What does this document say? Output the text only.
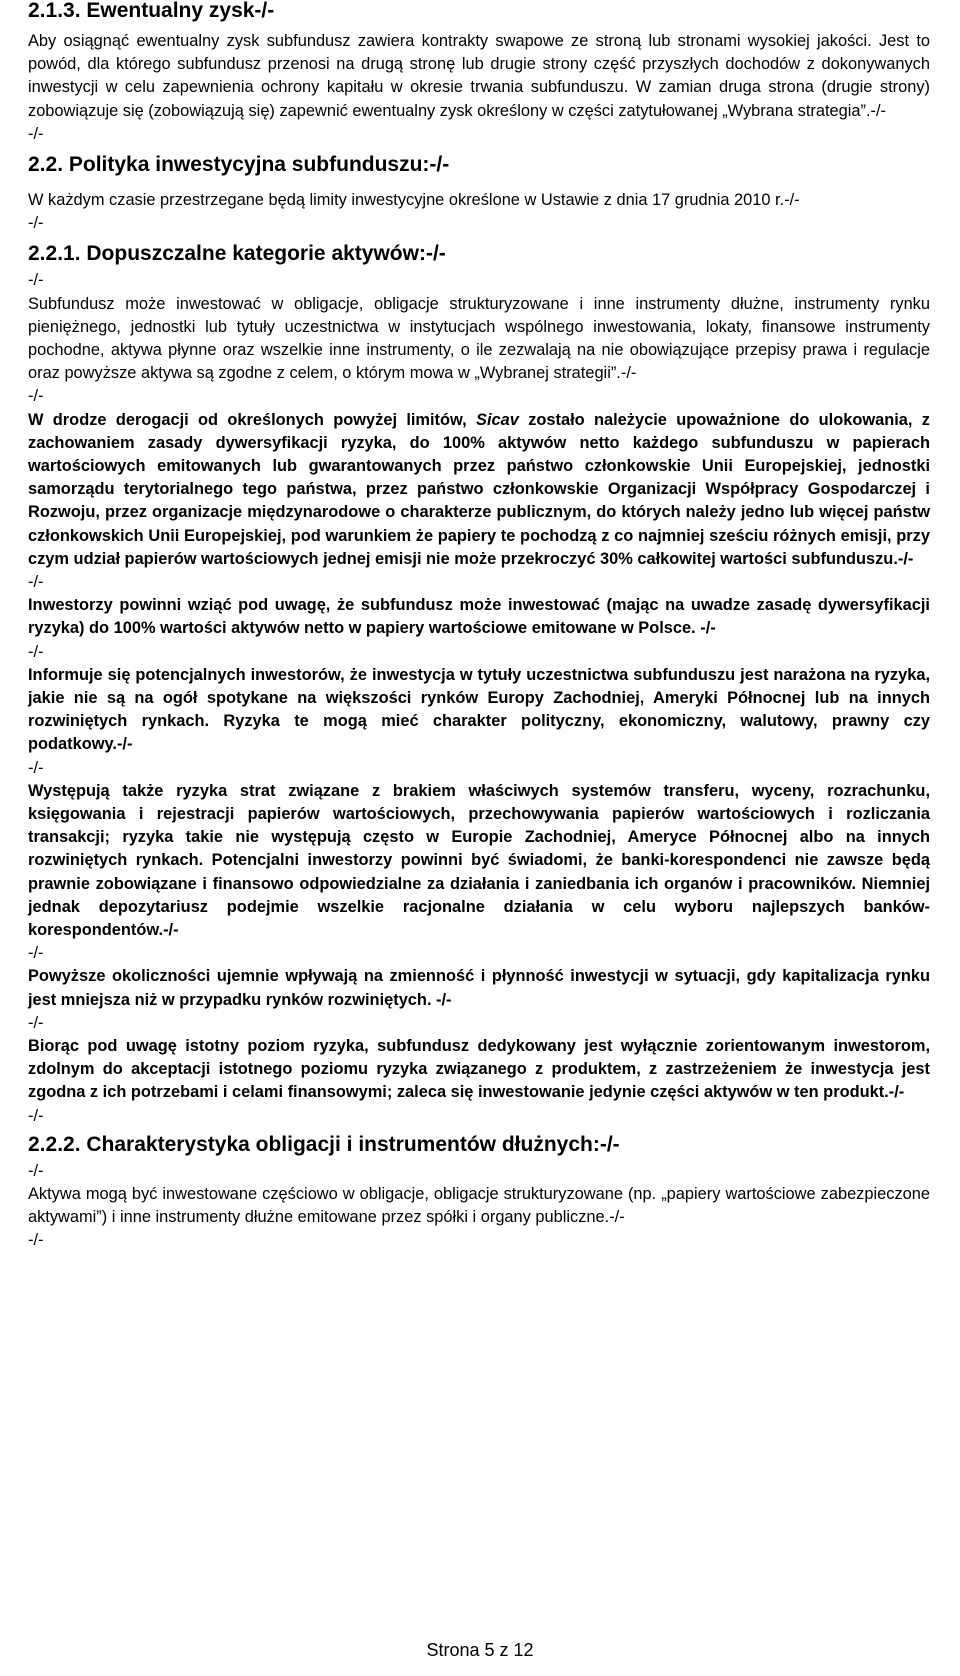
2.1.3. Ewentualny zysk-/-

Aby osiągnąć ewentualny zysk subfundusz zawiera kontrakty swapowe ze stroną lub stronami wysokiej jakości. Jest to powód, dla którego subfundusz przenosi na drugą stronę lub drugie strony część przyszłych dochodów z dokonywanych inwestycji w celu zapewnienia ochrony kapitału w okresie trwania subfunduszu. W zamian druga strona (drugie strony) zobowiązuje się (zobowiązują się) zapewnić ewentualny zysk określony w części zatytułowanej „Wybrana strategia”.-/-

-/-
2.2. Polityka inwestycyjna subfunduszu:-/-

W każdym czasie przestrzegane będą limity inwestycyjne określone w Ustawie z dnia 17 grudnia 2010 r.-/-

-/-
2.2.1. Dopuszczalne kategorie aktywów:-/-
-/-

Subfundusz może inwestować w obligacje, obligacje strukturyzowane i inne instrumenty dłużne, instrumenty rynku pieniężnego, jednostki lub tytuły uczestnictwa w instytucjach wspólnego inwestowania, lokaty, finansowe instrumenty pochodne, aktywa płynne oraz wszelkie inne instrumenty, o ile zezwalają na nie obowiązujące przepisy prawa i regulacje oraz powyższe aktywa są zgodne z celem, o którym mowa w „Wybranej strategii”.-/-

-/-

W drodze derogacji od określonych powyżej limitów, Sicav zostało należycie upoważnione do ulokowania, z zachowaniem zasady dywersyfikacji ryzyka, do 100% aktywów netto każdego subfunduszu w papierach wartościowych emitowanych lub gwarantowanych przez państwo członkowskie Unii Europejskiej, jednostki samorządu terytorialnego tego państwa, przez państwo członkowskie Organizacji Współpracy Gospodarczej i Rozwoju, przez organizacje międzynarodowe o charakterze publicznym, do których należy jedno lub więcej państw członkowskich Unii Europejskiej, pod warunkiem że papiery te pochodzą z co najmniej sześciu różnych emisji, przy czym udział papierów wartościowych jednej emisji nie może przekroczyć 30% całkowitej wartości subfunduszu.-/-

-/-

Inwestorzy powinni wziąć pod uwagę, że subfundusz może inwestować (mając na uwadze zasadę dywersyfikacji ryzyka) do 100% wartości aktywów netto w papiery wartościowe emitowane w Polsce. -/-

-/-

Informuje się potencjalnych inwestorów, że inwestycja w tytuły uczestnictwa subfunduszu jest narażona na ryzyka, jakie nie są na ogół spotykane na większości rynków Europy Zachodniej, Ameryki Północnej lub na innych rozwiniętych rynkach. Ryzyka te mogą mieć charakter polityczny, ekonomiczny, walutowy, prawny czy podatkowy.-/-

-/-

Występują także ryzyka strat związane z brakiem właściwych systemów transferu, wyceny, rozrachunku, księgowania i rejestracji papierów wartościowych, przechowywania papierów wartościowych i rozliczania transakcji; ryzyka takie nie występują często w Europie Zachodniej, Ameryce Północnej albo na innych rozwiniętych rynkach. Potencjalni inwestorzy powinni być świadomi, że banki-korespondenci nie zawsze będą prawnie zobowiązane i finansowo odpowiedzialne za działania i zaniedbania ich organów i pracowników. Niemniej jednak depozytariusz podejmie wszelkie racjonalne działania w celu wyboru najlepszych banków-korespondentów.-/-

-/-

Powyższe okoliczności ujemnie wpływają na zmienność i płynność inwestycji w sytuacji, gdy kapitalizacja rynku jest mniejsza niż w przypadku rynków rozwiniętych. -/-

-/-

Biorąc pod uwagę istotny poziom ryzyka, subfundusz dedykowany jest wyłącznie zorientowanym inwestorom, zdolnym do akceptacji istotnego poziomu ryzyka związanego z produktem, z zastrzeżeniem że inwestycja jest zgodna z ich potrzebami i celami finansowymi; zaleca się inwestowanie jedynie części aktywów w ten produkt.-/-

-/-
2.2.2. Charakterystyka obligacji i instrumentów dłużnych:-/-
-/-

Aktywa mogą być inwestowane częściowo w obligacje, obligacje strukturyzowane (np. „papiery wartościowe zabezpieczone aktywami”) i inne instrumenty dłużne emitowane przez spółki i organy publiczne.-/-

-/-
Strona 5 z 12
